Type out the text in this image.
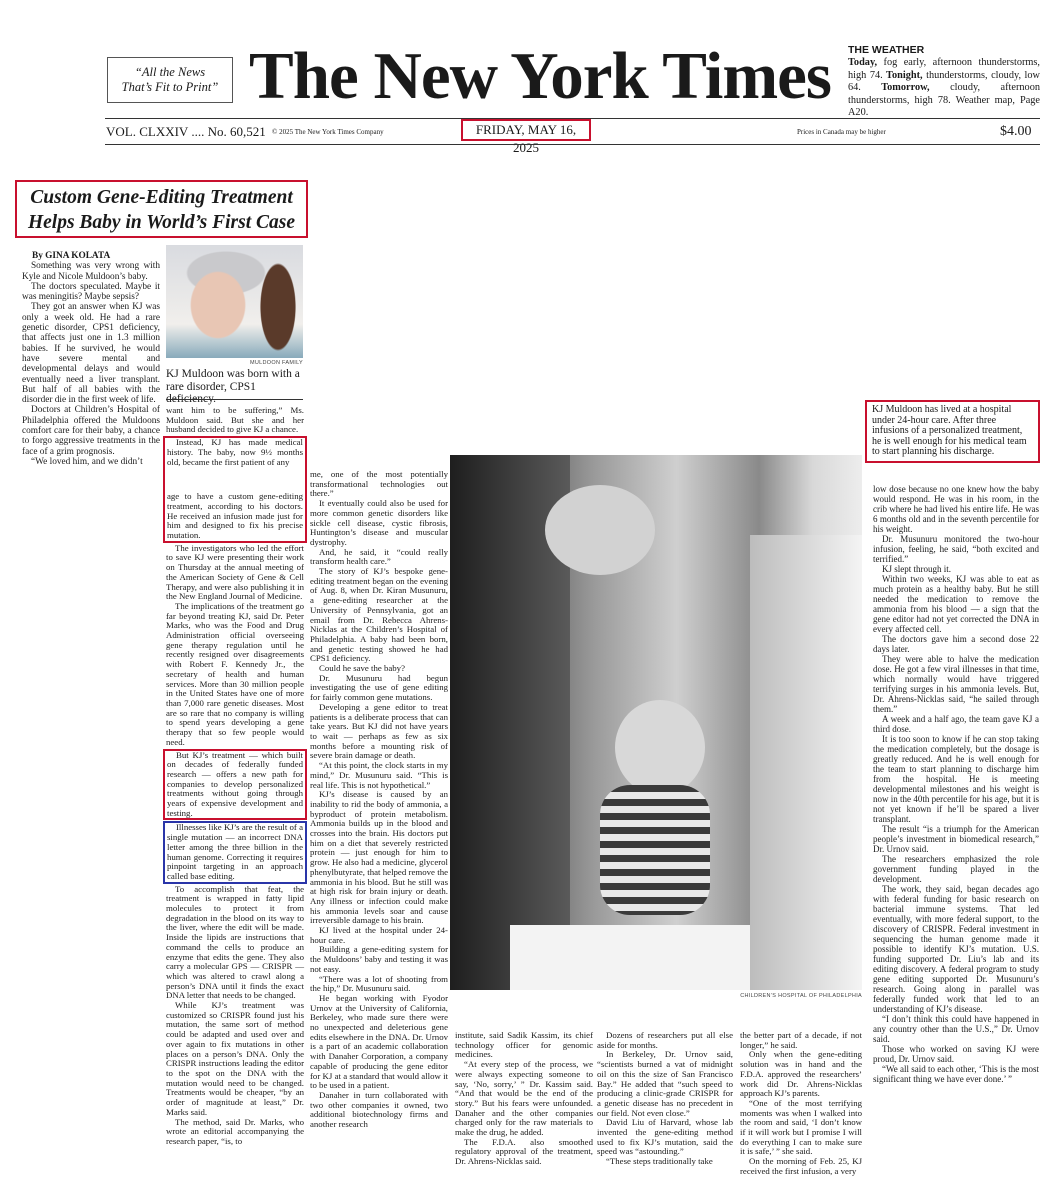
“All the News
That’s Fit to Print” The New York Times	THE WEATHER
Today, fog early, afternoon thunderstorms, high 74. Tonight, thunderstorms, cloudy, low 64. Tomorrow, cloudy, afternoon thunderstorms, high 78. Weather map, Page A20.
VOL. CLXXIV .... No. 60,521 © 2025 The New York Times Company	FRIDAY, MAY 16, 2025
Prices in Canada may be higher	$4.00
Custom Gene-Editing Treatment
Helps Baby in World’s First Case

By GINA KOLATA

Something was very wrong with Kyle and Nicole Muldoon’s baby.

The doctors speculated. Maybe it was meningitis? Maybe sepsis?

They got an answer when KJ was only a week old. He had a rare genetic disorder, CPS1 deficiency, that affects just one in 1.3 million babies. If he survived, he would have severe mental and developmental delays and would eventually need a liver transplant. But half of all babies with the disorder die in the first week of life.

Doctors at Children’s Hospital of Philadelphia offered the Muldoons comfort care for their baby, a chance to forgo aggressive treatments in the face of a grim prognosis.

“We loved him, and we didn’t

MULDOON FAMILY
KJ Muldoon was born with a rare disorder, CPS1 deficiency.

want him to be suffering,” Ms. Muldoon said. But she and her husband decided to give KJ a chance.

Instead, KJ has made medical history. The baby, now 9½ months old, became the first patient of any

age to have a custom gene-editing treatment, according to his doctors. He received an infusion made just for him and designed to fix his precise mutation.

The investigators who led the effort to save KJ were presenting their work on Thursday at the annual meeting of the American Society of Gene & Cell Therapy, and were also publishing it in the New England Journal of Medicine.

The implications of the treatment go far beyond treating KJ, said Dr. Peter Marks, who was the Food and Drug Administration official overseeing gene therapy regulation until he recently resigned over disagreements with Robert F. Kennedy Jr., the secretary of health and human services. More than 30 million people in the United States have one of more than 7,000 rare genetic diseases. Most are so rare that no company is willing to spend years developing a gene therapy that so few people would need.

But KJ’s treatment — which built on decades of federally funded research — offers a new path for companies to develop personalized treatments without going through years of expensive development and testing.

Illnesses like KJ’s are the result of a single mutation — an incorrect DNA letter among the three billion in the human genome. Correcting it requires pinpoint targeting in an approach called base editing.

To accomplish that feat, the treatment is wrapped in fatty lipid molecules to protect it from degradation in the blood on its way to the liver, where the edit will be made. Inside the lipids are instructions that command the cells to produce an enzyme that edits the gene. They also carry a molecular GPS — CRISPR — which was altered to crawl along a person’s DNA until it finds the exact DNA letter that needs to be changed.

While KJ’s treatment was customized so CRISPR found just his mutation, the same sort of method could be adapted and used over and over again to fix mutations in other places on a person’s DNA. Only the CRISPR instructions leading the editor to the spot on the DNA with the mutation would need to be changed. Treatments would be cheaper, “by an order of magnitude at least,” Dr. Marks said.

The method, said Dr. Marks, who wrote an editorial accompanying the research paper, “is, to

me, one of the most potentially transformational technologies out there.”

It eventually could also be used for more common genetic disorders like sickle cell disease, cystic fibrosis, Huntington’s disease and muscular dystrophy.

And, he said, it “could really transform health care.”

The story of KJ’s bespoke gene-editing treatment began on the evening of Aug. 8, when Dr. Kiran Musunuru, a gene-editing researcher at the University of Pennsylvania, got an email from Dr. Rebecca Ahrens-Nicklas at the Children’s Hospital of Philadelphia. A baby had been born, and genetic testing showed he had CPS1 deficiency.

Could he save the baby?

Dr. Musunuru had begun investigating the use of gene editing for fairly common gene mutations.

Developing a gene editor to treat patients is a deliberate process that can take years. But KJ did not have years to wait — perhaps as few as six months before a mounting risk of severe brain damage or death.

“At this point, the clock starts in my mind,” Dr. Musunuru said. “This is real life. This is not hypothetical.”

KJ’s disease is caused by an inability to rid the body of ammonia, a byproduct of protein metabolism. Ammonia builds up in the blood and crosses into the brain. His doctors put him on a diet that severely restricted protein — just enough for him to grow. He also had a medicine, glycerol phenylbutyrate, that helped remove the ammonia in his blood. But he still was at high risk for brain injury or death. Any illness or infection could make his ammonia levels soar and cause irreversible damage to his brain.

KJ lived at the hospital under 24-hour care.

Building a gene-editing system for the Muldoons’ baby and testing it was not easy.

“There was a lot of shooting from the hip,” Dr. Musunuru said.

He began working with Fyodor Urnov at the University of California, Berkeley, who made sure there were no unexpected and deleterious gene edits elsewhere in the DNA. Dr. Urnov is a part of an academic collaboration with Danaher Corporation, a company capable of producing the gene editor for KJ at a standard that would allow it to be used in a patient.

Danaher in turn collaborated with two other companies it owned, two additional biotechnology firms and another research

CHILDREN’S HOSPITAL OF PHILADELPHIA
KJ Muldoon has lived at a hospital under 24-hour care. After three infusions of a personalized treatment, he is well enough for his medical team to start planning his discharge.

institute, said Sadik Kassim, its chief technology officer for genomic medicines.

“At every step of the process, we were always expecting someone to say, ‘No, sorry,’ ” Dr. Kassim said. “And that would be the end of the story.” But his fears were unfounded. Danaher and the other companies charged only for the raw materials to make the drug, he added.

The F.D.A. also smoothed regulatory approval of the treatment, Dr. Ahrens-Nicklas said.

Dozens of researchers put all else aside for months.

In Berkeley, Dr. Urnov said, “scientists burned a vat of midnight oil on this the size of San Francisco Bay.” He added that “such speed to producing a clinic-grade CRISPR for a genetic disease has no precedent in our field. Not even close.”

David Liu of Harvard, whose lab invented the gene-editing method used to fix KJ’s mutation, said the speed was “astounding.”

“These steps traditionally take

the better part of a decade, if not longer,” he said.

Only when the gene-editing solution was in hand and the F.D.A. approved the researchers’ work did Dr. Ahrens-Nicklas approach KJ’s parents.

“One of the most terrifying moments was when I walked into the room and said, ‘I don’t know if it will work but I promise I will do everything I can to make sure it is safe,’ ” she said.

On the morning of Feb. 25, KJ received the first infusion, a very

low dose because no one knew how the baby would respond. He was in his room, in the crib where he had lived his entire life. He was 6 months old and in the seventh percentile for his weight.

Dr. Musunuru monitored the two-hour infusion, feeling, he said, “both excited and terrified.”

KJ slept through it.

Within two weeks, KJ was able to eat as much protein as a healthy baby. But he still needed the medication to remove the ammonia from his blood — a sign that the gene editor had not yet corrected the DNA in every affected cell.

The doctors gave him a second dose 22 days later.

They were able to halve the medication dose. He got a few viral illnesses in that time, which normally would have triggered terrifying surges in his ammonia levels. But, Dr. Ahrens-Nicklas said, “he sailed through them.”

A week and a half ago, the team gave KJ a third dose.

It is too soon to know if he can stop taking the medication completely, but the dosage is greatly reduced. And he is well enough for the team to start planning to discharge him from the hospital. He is meeting developmental milestones and his weight is now in the 40th percentile for his age, but it is not yet known if he’ll be spared a liver transplant.

The result “is a triumph for the American people’s investment in biomedical research,” Dr. Urnov said.

The researchers emphasized the role government funding played in the development.

The work, they said, began decades ago with federal funding for basic research on bacterial immune systems. That led eventually, with more federal support, to the discovery of CRISPR. Federal investment in sequencing the human genome made it possible to identify KJ’s mutation. U.S. funding supported Dr. Liu’s lab and its editing discovery. A federal program to study gene editing supported Dr. Musunuru’s research. Going along in parallel was federally funded work that led to an understanding of KJ’s disease.

“I don’t think this could have happened in any country other than the U.S.,” Dr. Urnov said.

Those who worked on saving KJ were proud, Dr. Urnov said.

“We all said to each other, ‘This is the most significant thing we have ever done.’ ”
